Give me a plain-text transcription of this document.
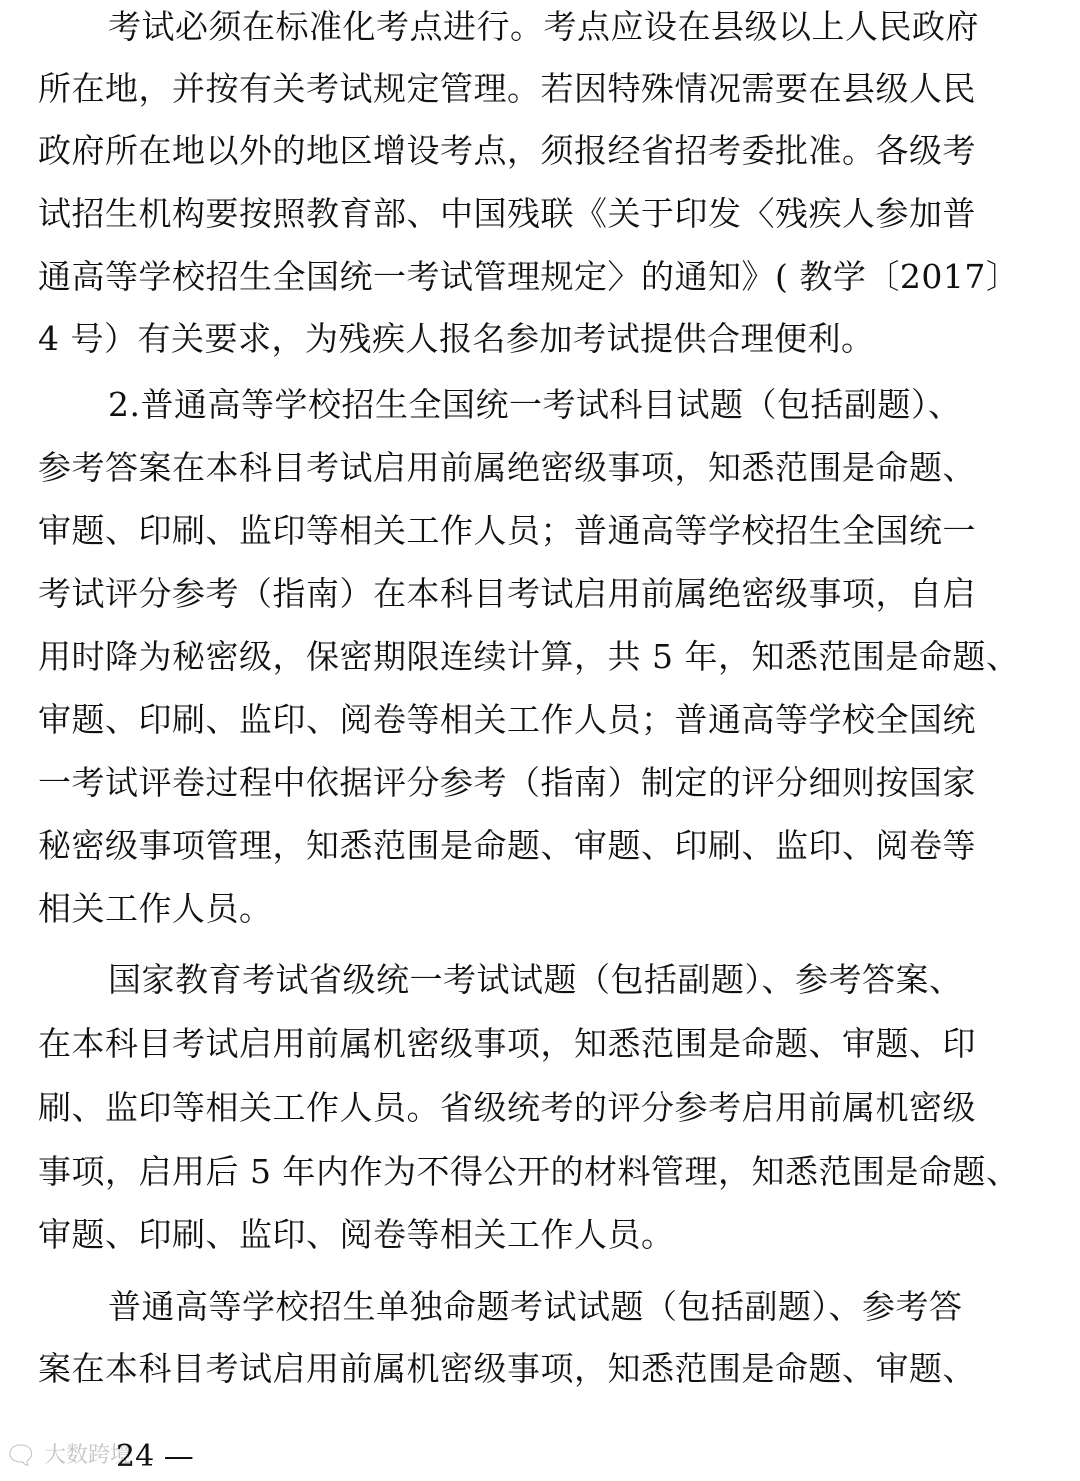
考试必须在标准化考点进行。考点应设在县级以上人民政府
所在地，并按有关考试规定管理。若因特殊情况需要在县级人民
政府所在地以外的地区增设考点，须报经省招考委批准。各级考
试招生机构要按照教育部、中国残联《关于印发〈残疾人参加普
通高等学校招生全国统一考试管理规定〉的通知》( 教学〔2017〕
4 号）有关要求，为残疾人报名参加考试提供合理便利。
2.普通高等学校招生全国统一考试科目试题（包括副题）、
参考答案在本科目考试启用前属绝密级事项，知悉范围是命题、
审题、印刷、监印等相关工作人员；普通高等学校招生全国统一
考试评分参考（指南）在本科目考试启用前属绝密级事项，自启
用时降为秘密级，保密期限连续计算，共 5 年，知悉范围是命题、
审题、印刷、监印、阅卷等相关工作人员；普通高等学校全国统
一考试评卷过程中依据评分参考（指南）制定的评分细则按国家
秘密级事项管理，知悉范围是命题、审题、印刷、监印、阅卷等
相关工作人员。
国家教育考试省级统一考试试题（包括副题）、参考答案、
在本科目考试启用前属机密级事项，知悉范围是命题、审题、印
刷、监印等相关工作人员。省级统考的评分参考启用前属机密级
事项，启用后 5 年内作为不得公开的材料管理，知悉范围是命题、
审题、印刷、监印、阅卷等相关工作人员。
普通高等学校招生单独命题考试试题（包括副题）、参考答
案在本科目考试启用前属机密级事项，知悉范围是命题、审题、
🗨 大数跨境
24 —
